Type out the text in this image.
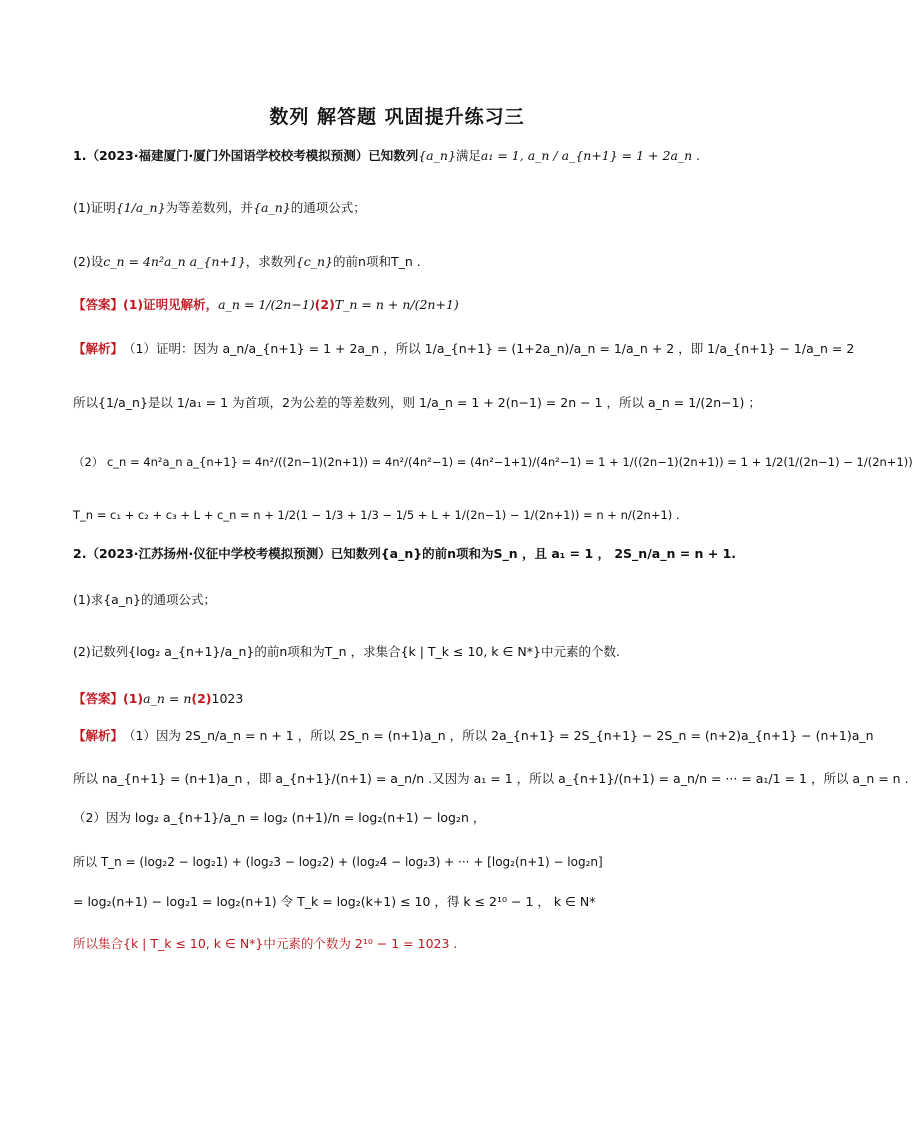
数列 解答题 巩固提升练习三
1.（2023·福建厦门·厦门外国语学校校考模拟预测）已知数列 {a_n} 满足 a₁ = 1, a_n / a_{n+1} = 1 + 2a_n .
(1)证明 {1/a_n} 为等差数列，并 {a_n} 的通项公式；
(2)设 c_n = 4n²a_n a_{n+1} ，求数列 {c_n} 的前n项和T_n .
【答案】 (1)证明见解析， a_n = 1/(2n−1) (2) T_n = n + n/(2n+1)
【解析】 （1）证明：因为 a_n/a_{n+1} = 1 + 2a_n ，所以 1/a_{n+1} = (1+2a_n)/a_n = 1/a_n + 2 ，即 1/a_{n+1} − 1/a_n = 2
所以{1/a_n}是以 1/a₁ = 1 为首项，2为公差的等差数列，则 1/a_n = 1 + 2(n−1) = 2n − 1 ，所以 a_n = 1/(2n−1) ；
（2） c_n = 4n²a_n a_{n+1} = 4n²/((2n−1)(2n+1)) = 4n²/(4n²−1) = (4n²−1+1)/(4n²−1) = 1 + 1/((2n−1)(2n+1)) = 1 + 1/2(1/(2n−1) − 1/(2n+1))
T_n = c₁ + c₂ + c₃ + L + c_n = n + 1/2(1 − 1/3 + 1/3 − 1/5 + L + 1/(2n−1) − 1/(2n+1)) = n + n/(2n+1) .
2.（2023·江苏扬州·仪征中学校考模拟预测）已知数列{a_n}的前n项和为S_n ，且 a₁ = 1 ， 2S_n/a_n = n + 1.
(1)求{a_n}的通项公式；
(2)记数列{log₂ a_{n+1}/a_n}的前n项和为T_n ，求集合{k | T_k ≤ 10, k ∈ N*}中元素的个数.
【答案】 (1) a_n = n (2) 1023
【解析】 （1）因为 2S_n/a_n = n + 1 ，所以 2S_n = (n+1)a_n ，所以 2a_{n+1} = 2S_{n+1} − 2S_n = (n+2)a_{n+1} − (n+1)a_n
所以 na_{n+1} = (n+1)a_n ，即 a_{n+1}/(n+1) = a_n/n .又因为 a₁ = 1 ，所以 a_{n+1}/(n+1) = a_n/n = ··· = a₁/1 = 1 ，所以 a_n = n .
（2）因为 log₂ a_{n+1}/a_n = log₂ (n+1)/n = log₂(n+1) − log₂n ，
所以 T_n = (log₂2 − log₂1) + (log₂3 − log₂2) + (log₂4 − log₂3) + ··· + [log₂(n+1) − log₂n]
= log₂(n+1) − log₂1 = log₂(n+1) 令 T_k = log₂(k+1) ≤ 10 ，得 k ≤ 2¹⁰ − 1 ， k ∈ N*
所以集合{k | T_k ≤ 10, k ∈ N*}中元素的个数为 2¹⁰ − 1 = 1023 .
